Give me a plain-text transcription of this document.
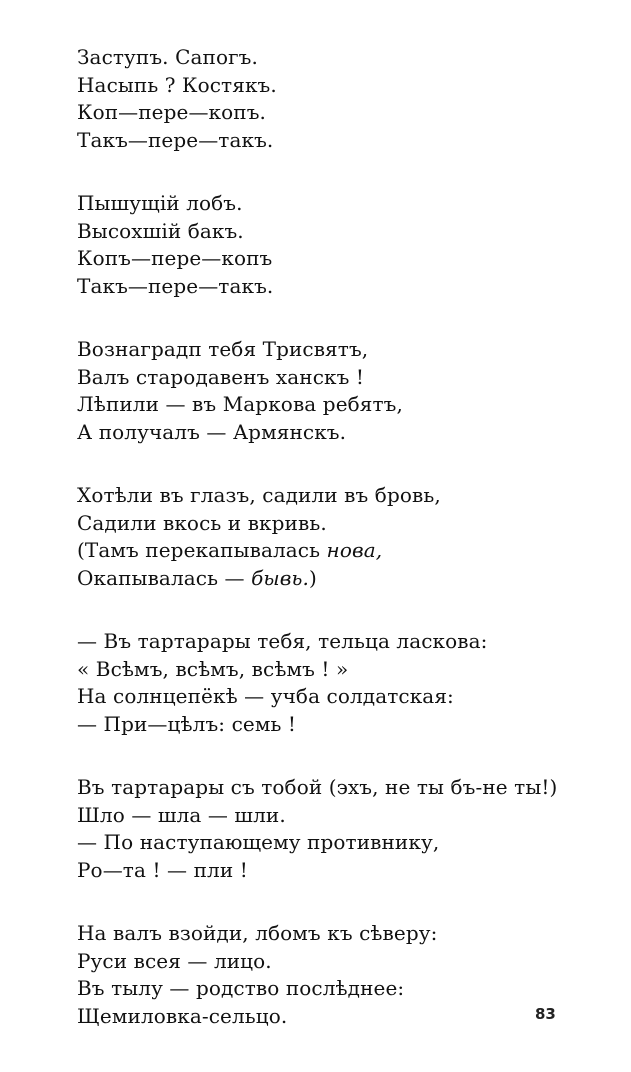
Заступъ. Сапогъ.
Насыпь ? Костякъ.
Коп—пере—копъ.
Такъ—пере—такъ.
Пышущій лобъ.
Высохшій бакъ.
Копъ—пере—копъ
Такъ—пере—такъ.
Вознаградп тебя Трисвятъ,
Валъ стародавенъ ханскъ !
Лѣпили — въ Маркова ребятъ,
А получалъ — Армянскъ.
Хотѣли въ глазъ, садили въ бровь,
Садили вкось и вкривь.
(Тамъ перекапывалась нова,
Окапывалась — бывь.)
— Въ тартарары тебя, тельца ласкова:
« Всѣмъ, всѣмъ, всѣмъ ! »
На солнцепёкѣ — учба солдатская:
— При—цѣлъ: семь !
Въ тартарары съ тобой (эхъ, не ты бъ-не ты!)
Шло — шла — шли.
— По наступающему противнику,
Ро—та ! — пли !
На валъ взойди, лбомъ къ сѣверу:
Руси всея — лицо.
Въ тылу — родство послѣднее:
Щемиловка-сельцо.	83
